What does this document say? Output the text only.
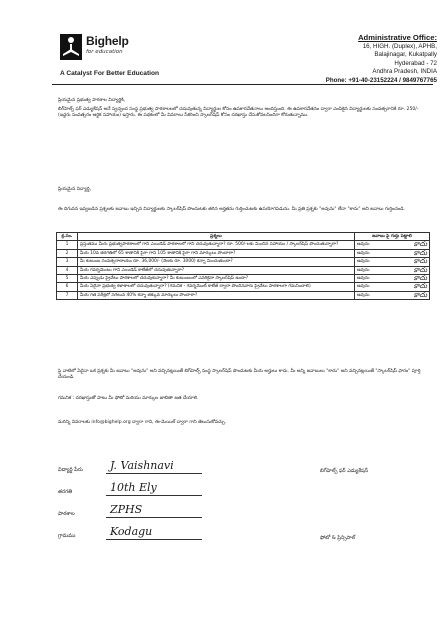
Bighelp
for education
A Catalyst For Better Education
Administrative Office:
16, HIGH. (Duplex), APHB,
Balajinagar, Kukatpally
Hyderabad - 72
Andhra Pradesh, INDIA
Phone: +91-40-23152224 / 9849767765
ప్రియమైన ప్రభుత్వ పాఠశాల విద్యార్థికి,
బిగ్‌హెల్ప్ ఫర్ ఎడ్యుకేషన్ అనే స్వచ్ఛంద సంస్థ ప్రభుత్వ పాఠశాలలలో చదువుతున్న విద్యార్థుల కోసం ఉపకారవేతనాలు అందిస్తుంది. ఈ ఉపకారవేతనం ద్వారా ఎంపికైన విద్యార్థులకు సంవత్సరానికి రూ. 250/- (ఇద్దరు సంవత్సరం ఆర్థిక సహాయం) ఇస్తారు. ఈ పథకంలో మీ వివరాలు సేకరించి స్కాలర్‌షిప్ కోసం దరఖాస్తు చేసుకోవలసిందిగా కోరుతున్నాము.
ప్రియమైన విద్యార్థి,
ఈ దిగువన ఇవ్వబడిన ప్రశ్నలకు జవాబు ఇచ్చిన విద్యార్థులకు స్కాలర్‌షిప్ పొందుటకు తగిన అర్హతను గుర్తించుటకు ఉపయోగపడును. మీ ప్రతి ప్రశ్నకు "అవును" లేదా "కాదు" అని జవాబు గుర్తించండి.
క్ర.సం.	ప్రశ్నలు	జవాబు పై గుర్తు పెట్టాలి
1	ప్రస్తుతము మీరు ప్రభుత్వపాఠశాలలో గాని ఎయిడెడ్ పాఠశాలలో గాని చదువుతున్నారా? రూ. 500/-లకు మించిన సహాయం / స్కాలర్‌షిప్ పొందుతున్నారా?	అవును కాదు

2	మీరు 10వ తరగతిలో 65 శాతానికి పైగా గాని 105 శాతానికి పైగా గాని మార్కులు పొందారా?	అవును కాదు

3	మీ కుటుంబ సంవత్సరాదాయం రూ. 36,000/- (నెలకు రూ. 3000) కన్నా మించుతుందా?	అవును కాదు

4	మీరు గవర్నమెంటు గాని ఎయిడెడ్ కాలేజీలో చదువుతున్నారా?	అవును కాదు

5	మీరు ఎప్పుడు ప్రైవేటు పాఠశాలలో చదువుకున్నారా? మీ కుటుంబంలో ఎవరికైనా స్కాలర్‌షిప్ ఉందా?	అవును కాదు

6	మీరు ఏదైనా ప్రభుత్వ కళాశాలలో చదువుతున్నారా? (గమనిక - గవర్నమెంట్ కాలేజీ ద్వారా పొందినవారు ప్రైవేటు పాఠశాలగా గమనించాలి)	అవును కాదు

7	మీరు గత పరీక్షలో సగటున 40% కన్నా తక్కువ మార్కులు పొందారా?	అవును కాదు
పై వాటిలో ఏదైనా ఒక ప్రశ్నకు మీ జవాబు "అవును" అని వచ్చినట్లయితే బిగ్‌హెల్ప్ సంస్థ స్కాలర్‌షిప్ పొందుటకు మీరు అర్హులు కాదు. మీ అన్ని జవాబులు "కాదు" అని వచ్చినట్లయితే "స్కాలర్‌షిప్ ఫారం" పూర్తి చేయండి.
గమనిక : దరఖాస్తుతో పాటు మీ ఫోటో మరియు మార్కుల జాబితా జత చేయాలి.
మరిన్ని వివరాలకు info@bighelp.org ద్వారా గాని, ఈ-మెయిల్ ద్వారా గాని తెలుసుకోవచ్చు.
విద్యార్థి పేరు	J. Vaishnavi
తరగతి	10th Ely
పాఠశాల	ZPHS
గ్రామము	Kodagu
బిగ్‌హెల్ప్ ఫర్ ఎడ్యుకేషన్
ఫోటో & ప్రిన్సిపాల్
